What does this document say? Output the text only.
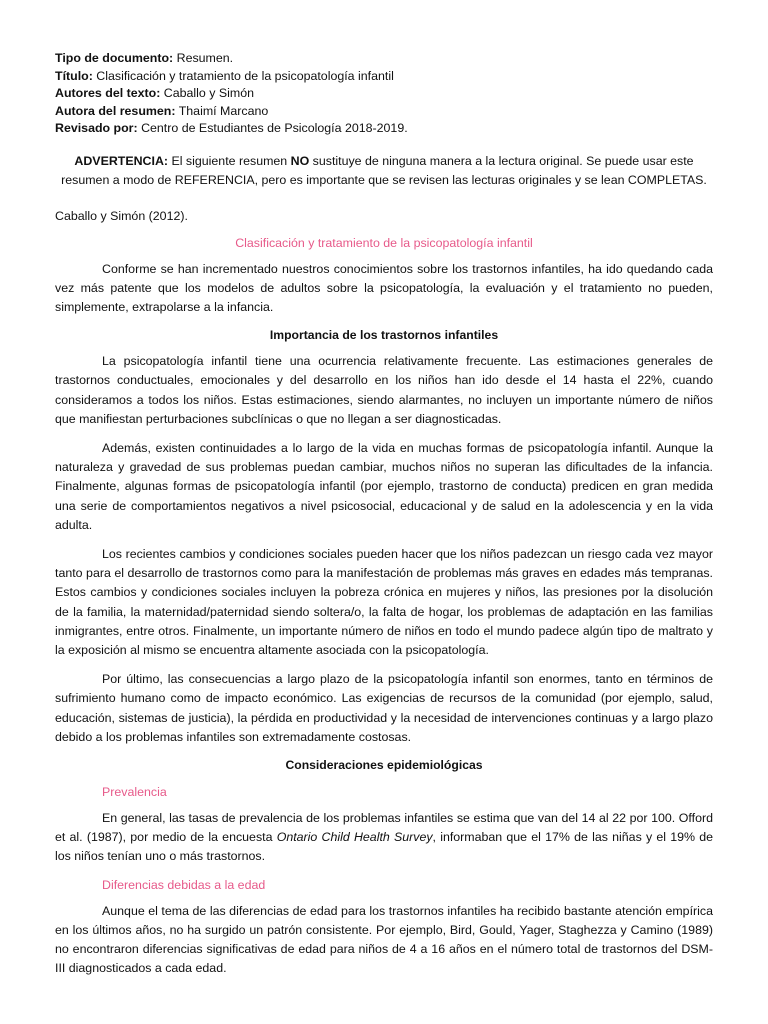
Tipo de documento: Resumen.

Título: Clasificación y tratamiento de la psicopatología infantil

Autores del texto: Caballo y Simón

Autora del resumen: Thaimí Marcano

Revisado por: Centro de Estudiantes de Psicología 2018-2019.

ADVERTENCIA: El siguiente resumen NO sustituye de ninguna manera a la lectura original. Se puede usar este resumen a modo de REFERENCIA, pero es importante que se revisen las lecturas originales y se lean COMPLETAS.

Caballo y Simón (2012).

Clasificación y tratamiento de la psicopatología infantil

Conforme se han incrementado nuestros conocimientos sobre los trastornos infantiles, ha ido quedando cada vez más patente que los modelos de adultos sobre la psicopatología, la evaluación y el tratamiento no pueden, simplemente, extrapolarse a la infancia.

Importancia de los trastornos infantiles

La psicopatología infantil tiene una ocurrencia relativamente frecuente. Las estimaciones generales de trastornos conductuales, emocionales y del desarrollo en los niños han ido desde el 14 hasta el 22%, cuando consideramos a todos los niños. Estas estimaciones, siendo alarmantes, no incluyen un importante número de niños que manifiestan perturbaciones subclínicas o que no llegan a ser diagnosticadas.

Además, existen continuidades a lo largo de la vida en muchas formas de psicopatología infantil. Aunque la naturaleza y gravedad de sus problemas puedan cambiar, muchos niños no superan las dificultades de la infancia. Finalmente, algunas formas de psicopatología infantil (por ejemplo, trastorno de conducta) predicen en gran medida una serie de comportamientos negativos a nivel psicosocial, educacional y de salud en la adolescencia y en la vida adulta.

Los recientes cambios y condiciones sociales pueden hacer que los niños padezcan un riesgo cada vez mayor tanto para el desarrollo de trastornos como para la manifestación de problemas más graves en edades más tempranas. Estos cambios y condiciones sociales incluyen la pobreza crónica en mujeres y niños, las presiones por la disolución de la familia, la maternidad/paternidad siendo soltera/o, la falta de hogar, los problemas de adaptación en las familias inmigrantes, entre otros. Finalmente, un importante número de niños en todo el mundo padece algún tipo de maltrato y la exposición al mismo se encuentra altamente asociada con la psicopatología.

Por último, las consecuencias a largo plazo de la psicopatología infantil son enormes, tanto en términos de sufrimiento humano como de impacto económico. Las exigencias de recursos de la comunidad (por ejemplo, salud, educación, sistemas de justicia), la pérdida en productividad y la necesidad de intervenciones continuas y a largo plazo debido a los problemas infantiles son extremadamente costosas.

Consideraciones epidemiológicas

Prevalencia

En general, las tasas de prevalencia de los problemas infantiles se estima que van del 14 al 22 por 100. Offord et al. (1987), por medio de la encuesta Ontario Child Health Survey, informaban que el 17% de las niñas y el 19% de los niños tenían uno o más trastornos.

Diferencias debidas a la edad

Aunque el tema de las diferencias de edad para los trastornos infantiles ha recibido bastante atención empírica en los últimos años, no ha surgido un patrón consistente. Por ejemplo, Bird, Gould, Yager, Staghezza y Camino (1989) no encontraron diferencias significativas de edad para niños de 4 a 16 años en el número total de trastornos del DSM-III diagnosticados a cada edad.
